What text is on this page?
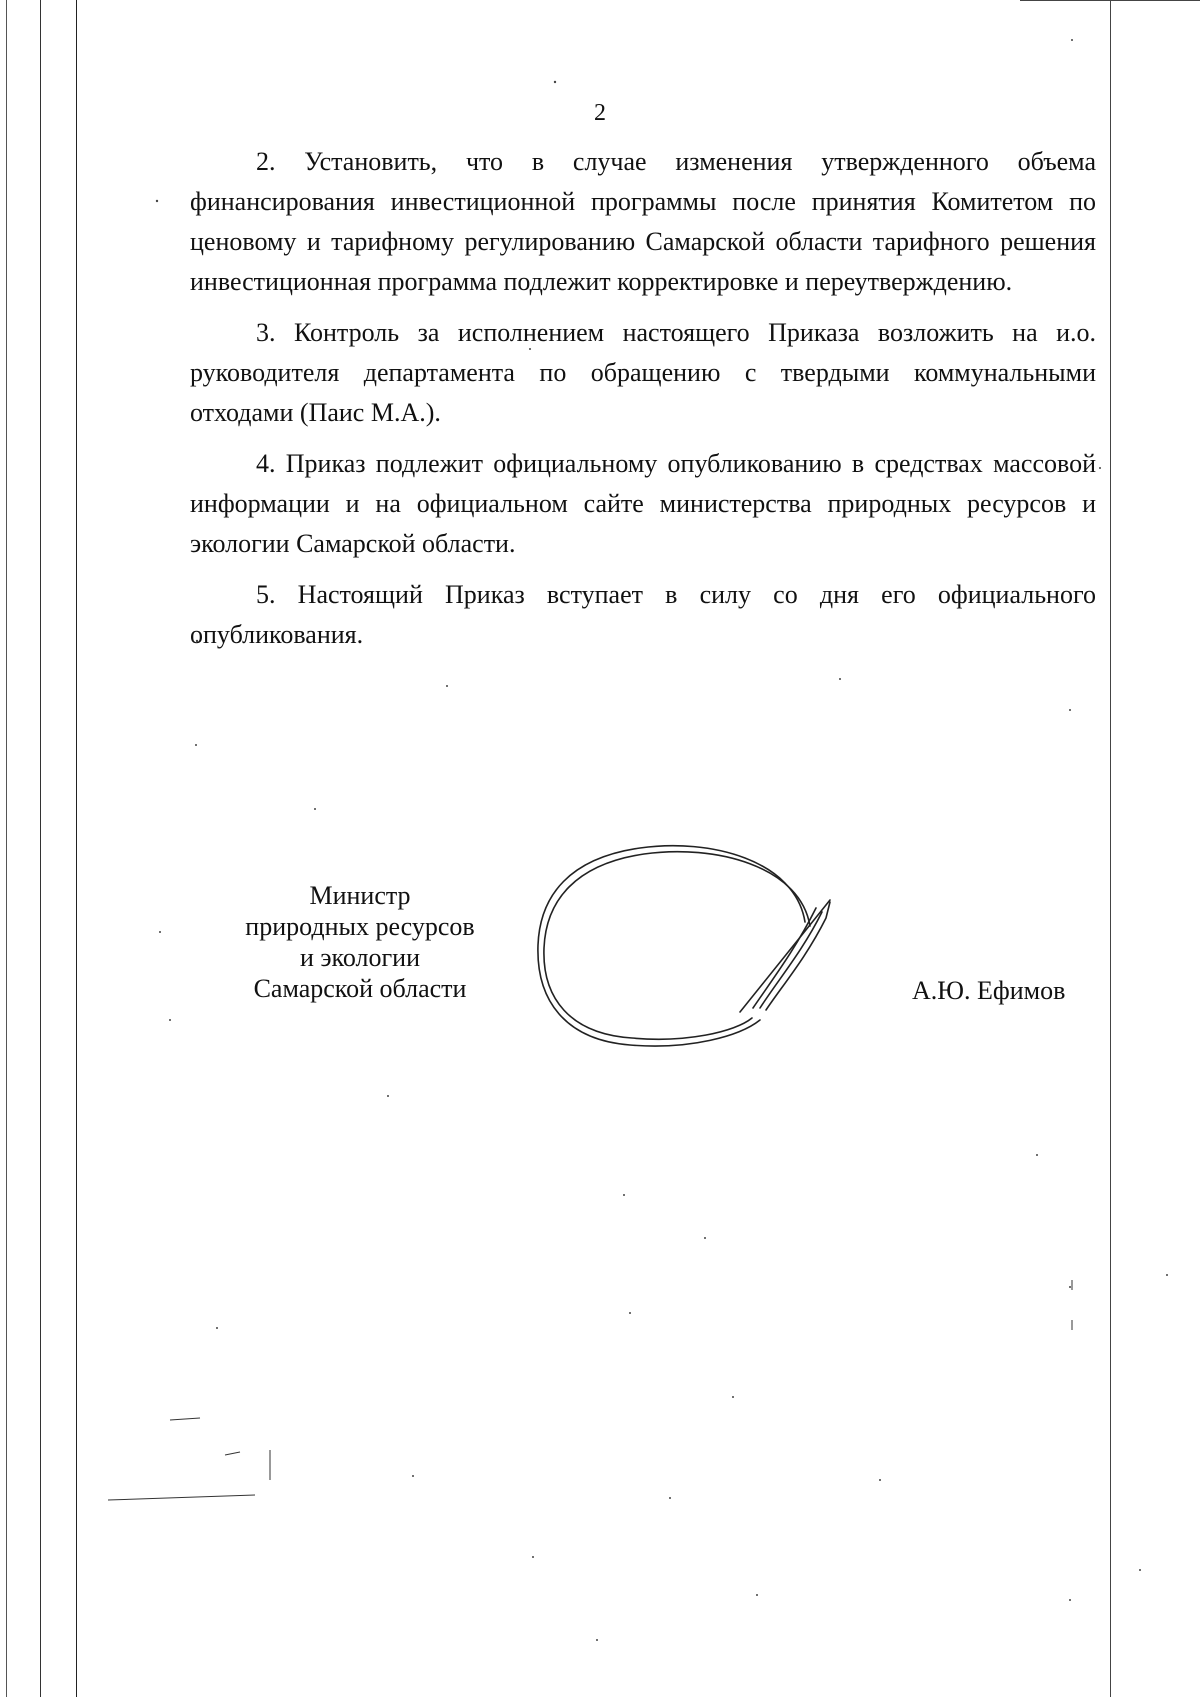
2

2. Установить, что в случае изменения утвержденного объема финансирования инвестиционной программы после принятия Комитетом по ценовому и тарифному регулированию Самарской области тарифного решения инвестиционная программа подлежит корректировке и переутверждению.

3. Контроль за исполнением настоящего Приказа возложить на и.о. руководителя департамента по обращению с твердыми коммунальными отходами (Паис М.А.).

4. Приказ подлежит официальному опубликованию в средствах массовой информации и на официальном сайте министерства природных ресурсов и экологии Самарской области.

5. Настоящий Приказ вступает в силу со дня его официального опубликования.

Министр
природных ресурсов
и экологии
Самарской области	А.Ю. Ефимов
